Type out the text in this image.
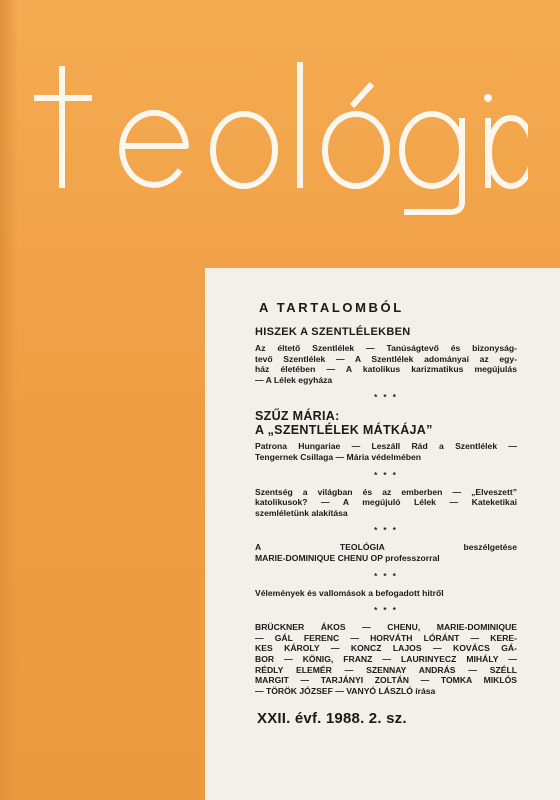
A TARTALOMBÓL
HISZEK A SZENTLÉLEKBEN
Az éltető Szentlélek — Tanúságtevő és bizonyság-
tevő Szentlélek — A Szentlélek adományai az egy-
ház életében — A katolikus karizmatikus megújulás
— A Lélek egyháza
* * *
SZŰZ MÁRIA:
A „SZENTLÉLEK MÁTKÁJA”
Patrona Hungariae — Leszáll Rád a Szentlélek —
Tengernek Csillaga — Mária védelmében
* * *
Szentség a világban és az emberben — „Elveszett”
katolikusok? — A megújuló Lélek — Kateketikai
szemléletünk alakítása
* * *
A TEOLÓGIA beszélgetése
MARIE-DOMINIQUE CHENU OP professzorral
* * *
Vélemények és vallomások a befogadott hitről
* * *
BRÜCKNER ÁKOS — CHENU, MARIE-DOMINIQUE
— GÁL FERENC — HORVÁTH LÓRÁNT — KERE-
KES KÁROLY — KONCZ LAJOS — KOVÁCS GÁ-
BOR — KÖNIG, FRANZ — LAURINYECZ MIHÁLY —
RÉDLY ELEMÉR — SZENNAY ANDRÁS — SZÉLL
MARGIT — TARJÁNYI ZOLTÁN — TOMKA MIKLÓS
— TÖRÖK JÓZSEF — VANYÓ LÁSZLÓ írása
XXII. évf. 1988. 2. sz.
